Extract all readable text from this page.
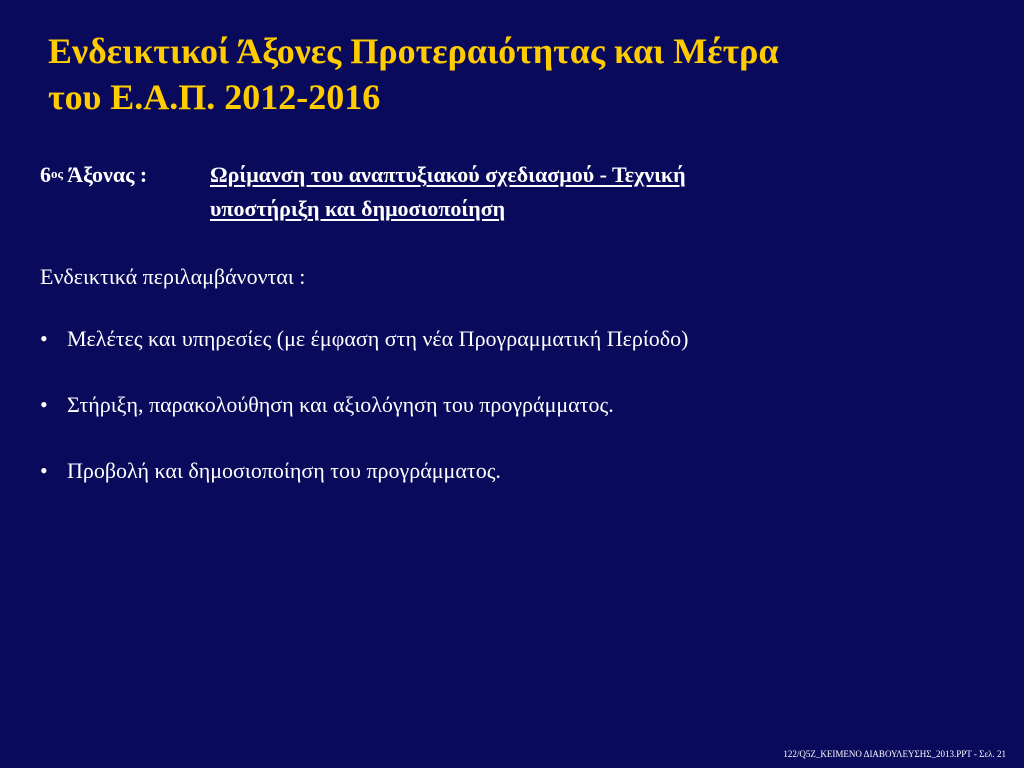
Ενδεικτικοί Άξονες Προτεραιότητας και Μέτρα
του Ε.Α.Π. 2012-2016
$6^{o\varsigma}$ Άξονας :	Ωρίμανση του αναπτυξιακού σχεδιασμού - Τεχνική
υποστήριξη και δημοσιοποίηση
Ενδεικτικά περιλαμβάνονται :
• Μελέτες και υπηρεσίες (με έμφαση στη νέα Προγραμματική Περίοδο)
• Στήριξη, παρακολούθηση και αξιολόγηση του προγράμματος.
• Προβολή και δημοσιοποίηση του προγράμματος.
122/Q5Z_ΚΕΙΜΕΝΟ ΔΙΑΒΟΥΛΕΥΣΗΣ_2013.PPT - Σελ. 21
